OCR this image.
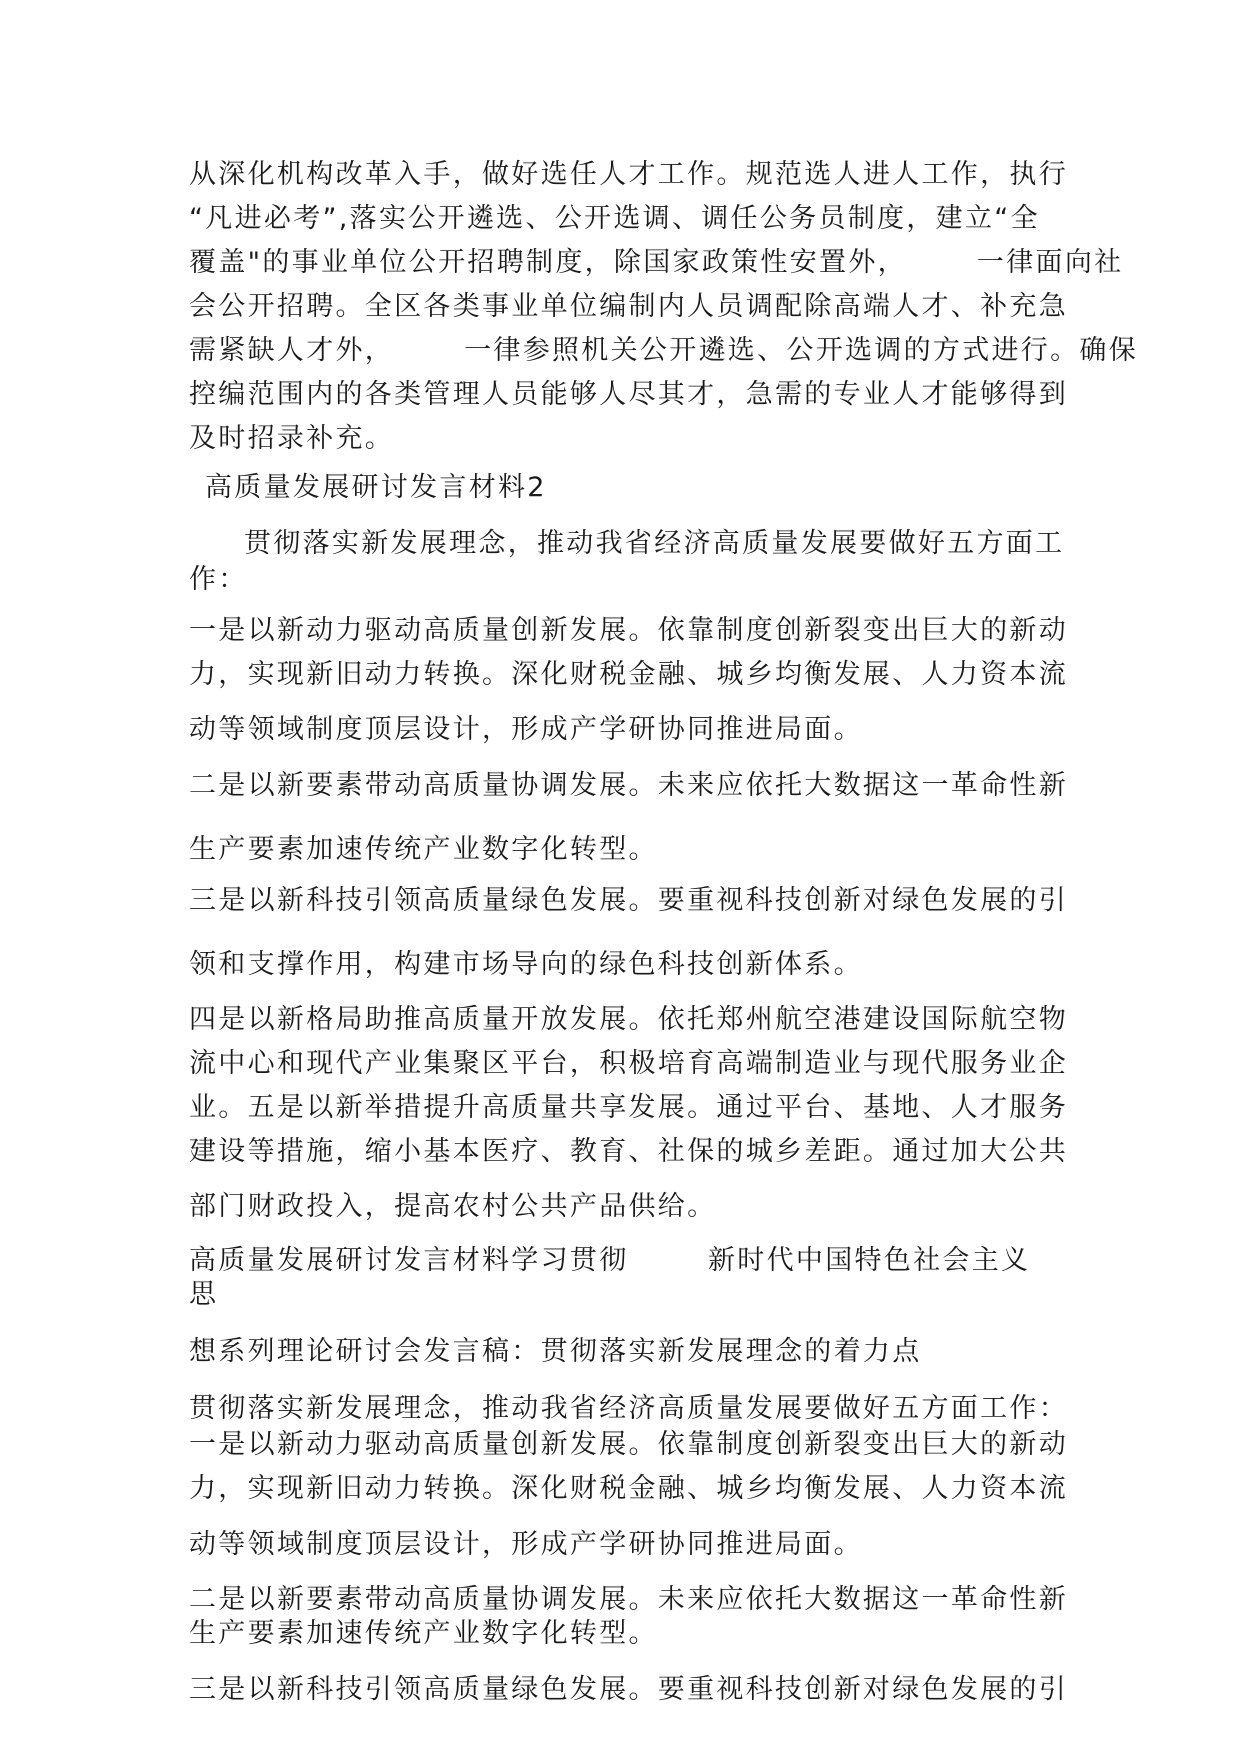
从深化机构改革入手，做好选任人才工作。规范选人进人工作，执行

“凡进必考”,落实公开遴选、公开选调、调任公务员制度，建立“全

覆盖"的事业单位公开招聘制度，除国家政策性安置外，	一律面向社

会公开招聘。全区各类事业单位编制内人员调配除高端人才、补充急

需紧缺人才外，	一律参照机关公开遴选、公开选调的方式进行。确保

控编范围内的各类管理人员能够人尽其才，急需的专业人才能够得到

及时招录补充。

高质量发展研讨发言材料2

贯彻落实新发展理念，推动我省经济高质量发展要做好五方面工

作：

一是以新动力驱动高质量创新发展。依靠制度创新裂变出巨大的新动

力，实现新旧动力转换。深化财税金融、城乡均衡发展、人力资本流

动等领域制度顶层设计，形成产学研协同推进局面。

二是以新要素带动高质量协调发展。未来应依托大数据这一革命性新

生产要素加速传统产业数字化转型。

三是以新科技引领高质量绿色发展。要重视科技创新对绿色发展的引

领和支撑作用，构建市场导向的绿色科技创新体系。

四是以新格局助推高质量开放发展。依托郑州航空港建设国际航空物

流中心和现代产业集聚区平台，积极培育高端制造业与现代服务业企

业。五是以新举措提升高质量共享发展。通过平台、基地、人才服务

建设等措施，缩小基本医疗、教育、社保的城乡差距。通过加大公共

部门财政投入，提高农村公共产品供给。

高质量发展研讨发言材料学习贯彻	新时代中国特色社会主义

思

想系列理论研讨会发言稿：贯彻落实新发展理念的着力点

贯彻落实新发展理念，推动我省经济高质量发展要做好五方面工作：

一是以新动力驱动高质量创新发展。依靠制度创新裂变出巨大的新动

力，实现新旧动力转换。深化财税金融、城乡均衡发展、人力资本流

动等领域制度顶层设计，形成产学研协同推进局面。

二是以新要素带动高质量协调发展。未来应依托大数据这一革命性新

生产要素加速传统产业数字化转型。

三是以新科技引领高质量绿色发展。要重视科技创新对绿色发展的引
